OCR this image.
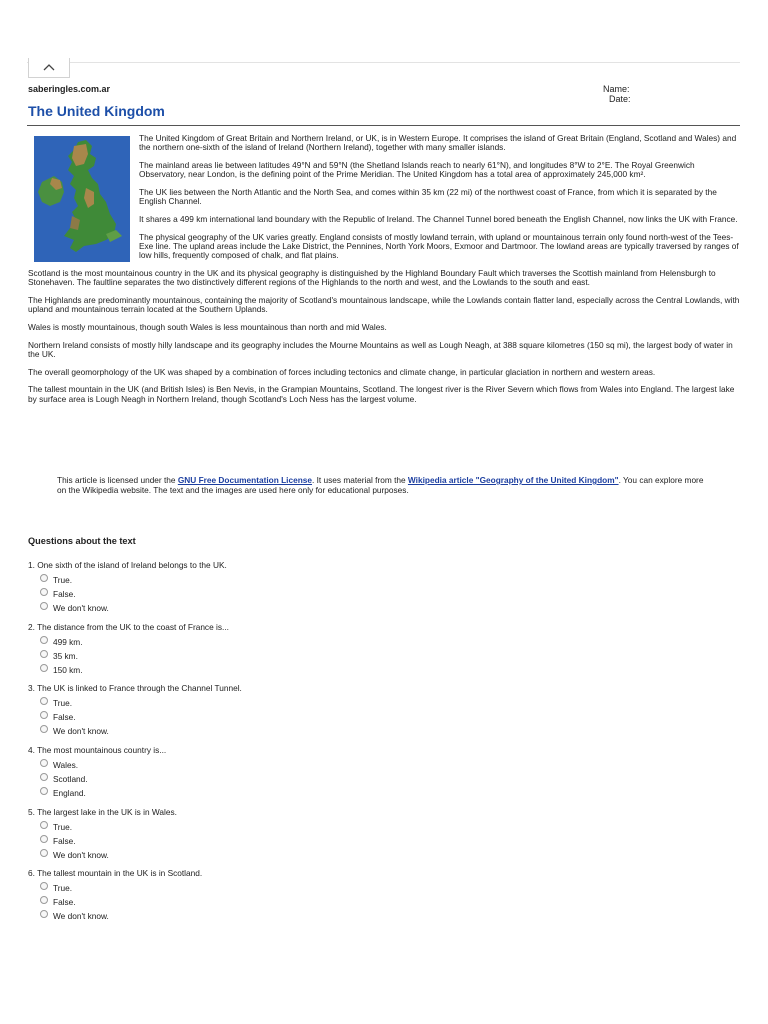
saberingles.com.ar	Name:
Date:
The United Kingdom

The United Kingdom of Great Britain and Northern Ireland, or UK, is in Western Europe. It comprises the island of Great Britain (England, Scotland and Wales) and the northern one-sixth of the island of Ireland (Northern Ireland), together with many smaller islands.

The mainland areas lie between latitudes 49°N and 59°N (the Shetland Islands reach to nearly 61°N), and longitudes 8°W to 2°E. The Royal Greenwich Observatory, near London, is the defining point of the Prime Meridian. The United Kingdom has a total area of approximately 245,000 km².

The UK lies between the North Atlantic and the North Sea, and comes within 35 km (22 mi) of the northwest coast of France, from which it is separated by the English Channel.

It shares a 499 km international land boundary with the Republic of Ireland. The Channel Tunnel bored beneath the English Channel, now links the UK with France.

The physical geography of the UK varies greatly. England consists of mostly lowland terrain, with upland or mountainous terrain only found north-west of the Tees-Exe line. The upland areas include the Lake District, the Pennines, North York Moors, Exmoor and Dartmoor. The lowland areas are typically traversed by ranges of low hills, frequently composed of chalk, and flat plains.

Scotland is the most mountainous country in the UK and its physical geography is distinguished by the Highland Boundary Fault which traverses the Scottish mainland from Helensburgh to Stonehaven. The faultline separates the two distinctively different regions of the Highlands to the north and west, and the Lowlands to the south and east.

The Highlands are predominantly mountainous, containing the majority of Scotland's mountainous landscape, while the Lowlands contain flatter land, especially across the Central Lowlands, with upland and mountainous terrain located at the Southern Uplands.

Wales is mostly mountainous, though south Wales is less mountainous than north and mid Wales.

Northern Ireland consists of mostly hilly landscape and its geography includes the Mourne Mountains as well as Lough Neagh, at 388 square kilometres (150 sq mi), the largest body of water in the UK.

The overall geomorphology of the UK was shaped by a combination of forces including tectonics and climate change, in particular glaciation in northern and western areas.

The tallest mountain in the UK (and British Isles) is Ben Nevis, in the Grampian Mountains, Scotland. The longest river is the River Severn which flows from Wales into England. The largest lake by surface area is Lough Neagh in Northern Ireland, though Scotland's Loch Ness has the largest volume.

This article is licensed under the GNU Free Documentation License. It uses material from the Wikipedia article "Geography of the United Kingdom". You can explore more on the Wikipedia website. The text and the images are used here only for educational purposes.
Questions about the text
1. One sixth of the island of Ireland belongs to the UK.
True.
False.
We don't know.
2. The distance from the UK to the coast of France is...
499 km.
35 km.
150 km.
3. The UK is linked to France through the Channel Tunnel.
True.
False.
We don't know.
4. The most mountainous country is...
Wales.
Scotland.
England.
5. The largest lake in the UK is in Wales.
True.
False.
We don't know.
6. The tallest mountain in the UK is in Scotland.
True.
False.
We don't know.
